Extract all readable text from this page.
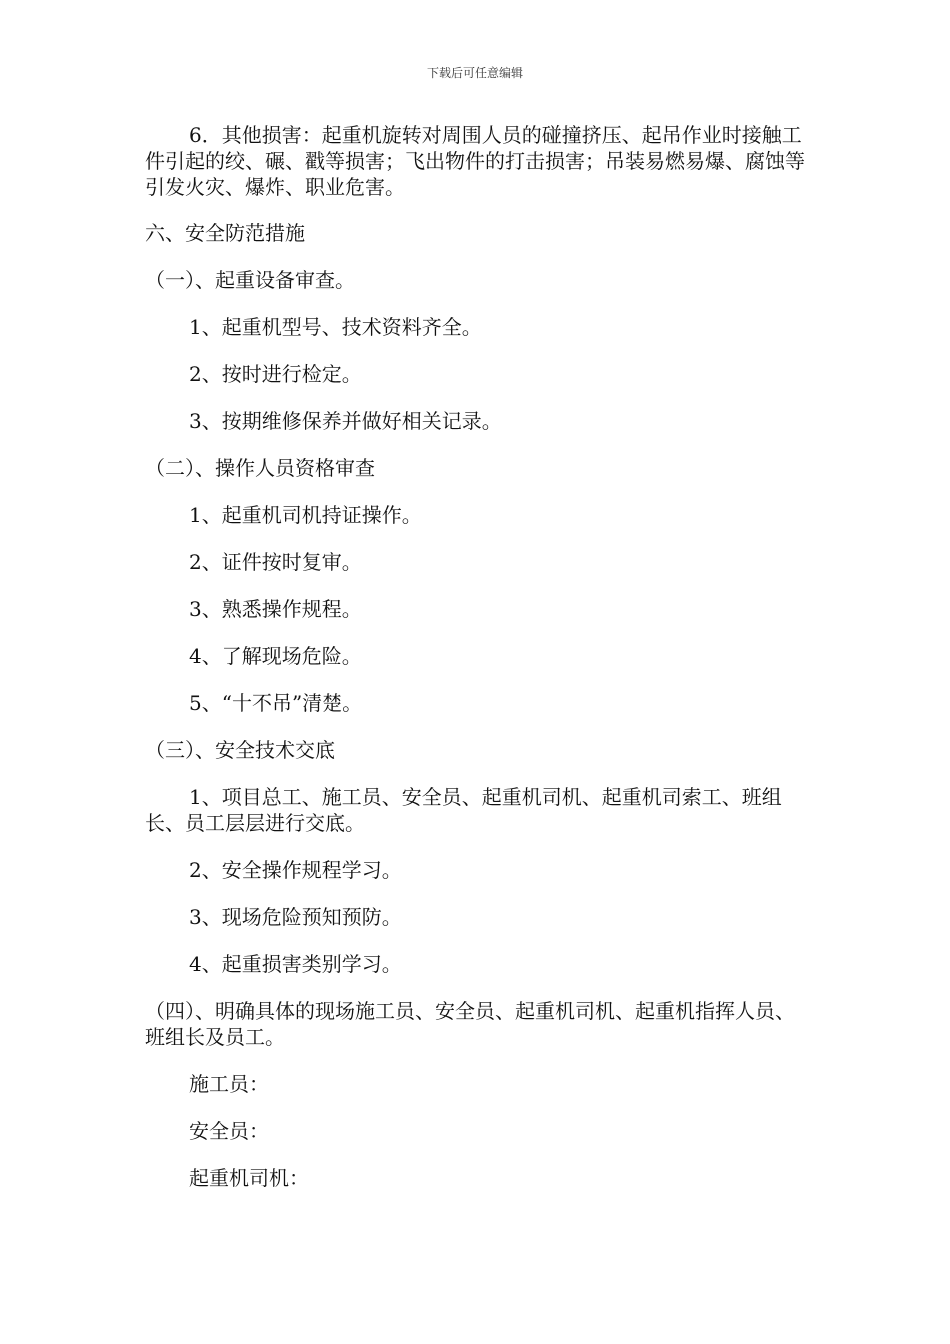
下载后可任意编辑

6．其他损害：起重机旋转对周围人员的碰撞挤压、起吊作业时接触工件引起的绞、碾、戳等损害；飞出物件的打击损害；吊装易燃易爆、腐蚀等引发火灾、爆炸、职业危害。

六、安全防范措施

（一）、起重设备审查。

1、起重机型号、技术资料齐全。

2、按时进行检定。

3、按期维修保养并做好相关记录。

（二）、操作人员资格审查

1、起重机司机持证操作。

2、证件按时复审。

3、熟悉操作规程。

4、了解现场危险。

5、“十不吊”清楚。

（三）、安全技术交底

1、项目总工、施工员、安全员、起重机司机、起重机司索工、班组长、员工层层进行交底。

2、安全操作规程学习。

3、现场危险预知预防。

4、起重损害类别学习。

（四）、明确具体的现场施工员、安全员、起重机司机、起重机指挥人员、班组长及员工。

施工员：

安全员：

起重机司机：
